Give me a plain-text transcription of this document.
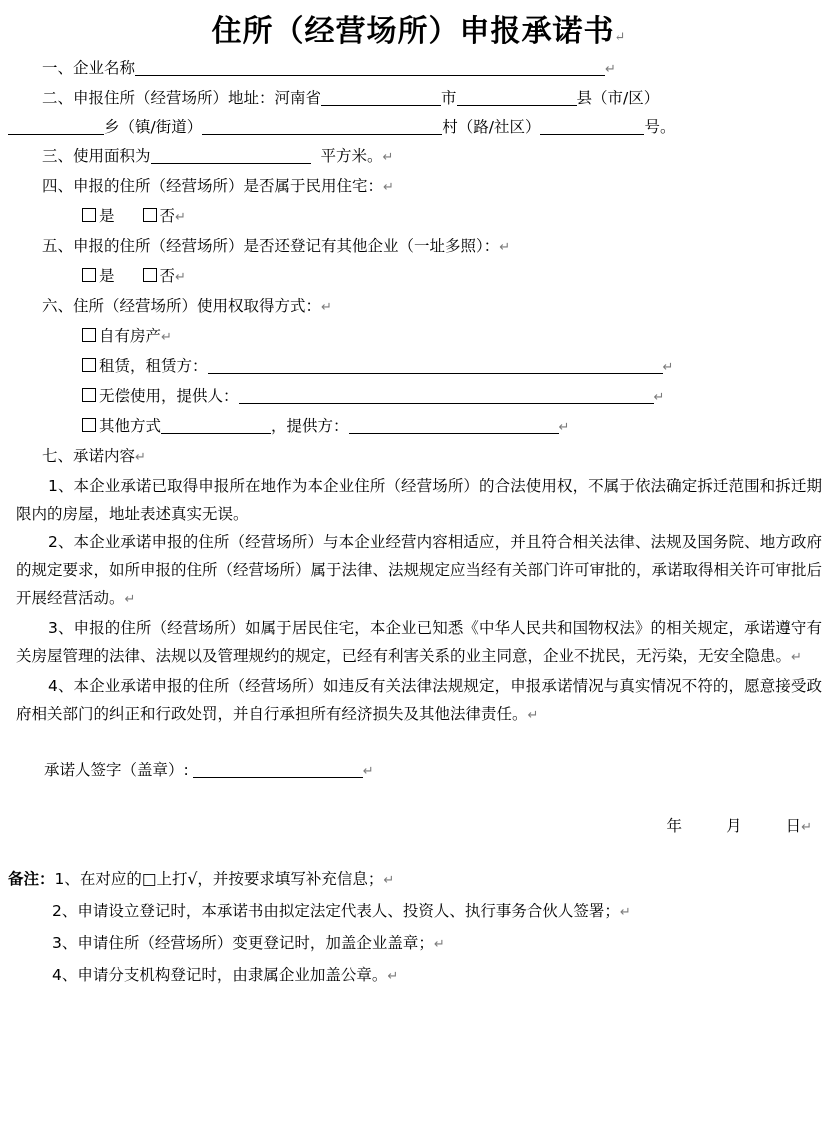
住所（经营场所）申报承诺书↵
一、企业名称	↵
二、申报住所（经营场所）地址：河南省	市	县（市/区）
乡（镇/街道）	村（路/社区）	号。
三、使用面积为	平方米。↵
四、申报的住所（经营场所）是否属于民用住宅：↵
是	否↵
五、申报的住所（经营场所）是否还登记有其他企业（一址多照）：↵
是	否↵
六、住所（经营场所）使用权取得方式：↵
自有房产↵
租赁，租赁方：	↵
无偿使用，提供人：	↵
其他方式	，提供方：	↵
七、承诺内容↵
1、本企业承诺已取得申报所在地作为本企业住所（经营场所）的合法使用权，不属于依法确定拆迁范围和拆迁期限内的房屋，地址表述真实无误。
2、本企业承诺申报的住所（经营场所）与本企业经营内容相适应，并且符合相关法律、法规及国务院、地方政府的规定要求，如所申报的住所（经营场所）属于法律、法规规定应当经有关部门许可审批的，承诺取得相关许可审批后开展经营活动。↵
3、申报的住所（经营场所）如属于居民住宅，本企业已知悉《中华人民共和国物权法》的相关规定，承诺遵守有关房屋管理的法律、法规以及管理规约的规定，已经有利害关系的业主同意，企业不扰民，无污染，无安全隐患。↵
4、本企业承诺申报的住所（经营场所）如违反有关法律法规规定，申报承诺情况与真实情况不符的，愿意接受政府相关部门的纠正和行政处罚，并自行承担所有经济损失及其他法律责任。↵
承诺人签字（盖章）:	↵
年	月	日↵
备注：1、在对应的□上打√，并按要求填写补充信息；↵
2、申请设立登记时，本承诺书由拟定法定代表人、投资人、执行事务合伙人签署；↵
3、申请住所（经营场所）变更登记时，加盖企业盖章；↵
4、申请分支机构登记时，由隶属企业加盖公章。↵
